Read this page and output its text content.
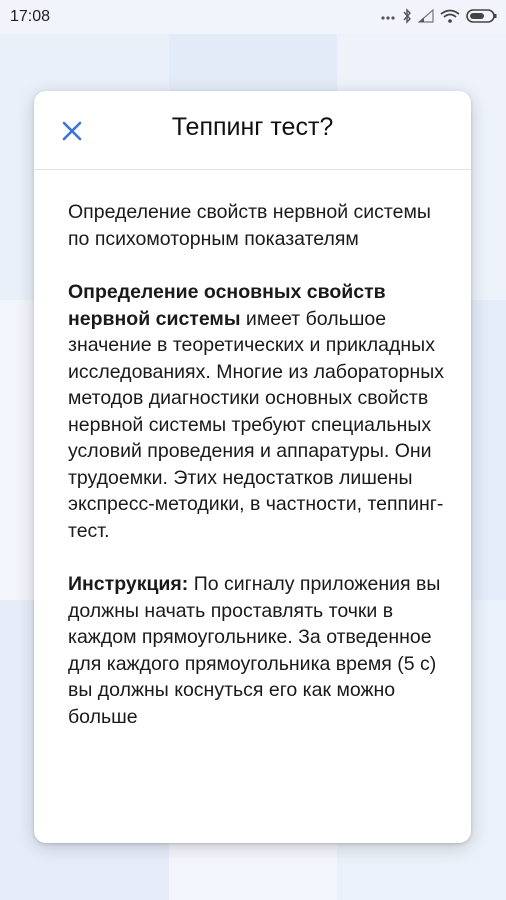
17:08
Теппинг тест?

Определение свойств нервной системы по психомоторным показателям

Определение основных свойств нервной системы имеет большое значение в теоретических и прикладных исследованиях. Многие из лабораторных методов диагностики основных свойств нервной системы требуют специальных условий проведения и аппаратуры. Они трудоемки. Этих недостатков лишены экспресс-методики, в частности, теппинг-тест.

Инструкция: По сигналу приложения вы должны начать проставлять точки в каждом прямоугольнике. За отведенное для каждого прямоугольника время (5 с) вы должны коснуться его как можно больше
